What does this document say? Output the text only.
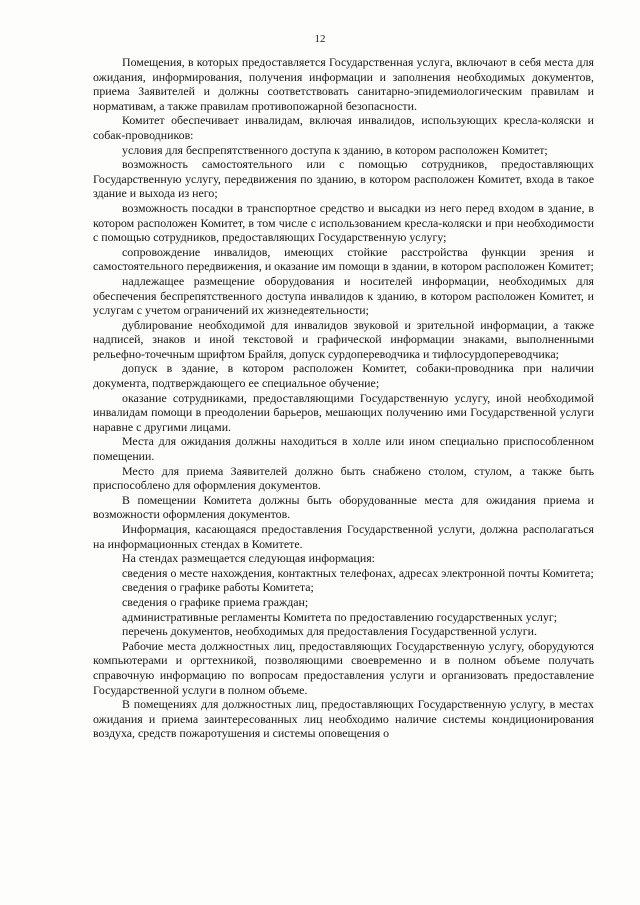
12

Помещения, в которых предоставляется Государственная услуга, включают в себя места для ожидания, информирования, получения информации и заполнения необходимых документов, приема Заявителей и должны соответствовать санитарно-эпидемиологическим правилам и нормативам, а также правилам противопожарной безопасности.

Комитет обеспечивает инвалидам, включая инвалидов, использующих кресла-коляски и собак-проводников:

условия для беспрепятственного доступа к зданию, в котором расположен Комитет;

возможность самостоятельного или с помощью сотрудников, предоставляющих Государственную услугу, передвижения по зданию, в котором расположен Комитет, входа в такое здание и выхода из него;

возможность посадки в транспортное средство и высадки из него перед входом в здание, в котором расположен Комитет, в том числе с использованием кресла-коляски и при необходимости с помощью сотрудников, предоставляющих Государственную услугу;

сопровождение инвалидов, имеющих стойкие расстройства функции зрения и самостоятельного передвижения, и оказание им помощи в здании, в котором расположен Комитет;

надлежащее размещение оборудования и носителей информации, необходимых для обеспечения беспрепятственного доступа инвалидов к зданию, в котором расположен Комитет, и услугам с учетом ограничений их жизнедеятельности;

дублирование необходимой для инвалидов звуковой и зрительной информации, а также надписей, знаков и иной текстовой и графической информации знаками, выполненными рельефно-точечным шрифтом Брайля, допуск сурдопереводчика и тифлосурдопереводчика;

допуск в здание, в котором расположен Комитет, собаки-проводника при наличии документа, подтверждающего ее специальное обучение;

оказание сотрудниками, предоставляющими Государственную услугу, иной необходимой инвалидам помощи в преодолении барьеров, мешающих получению ими Государственной услуги наравне с другими лицами.

Места для ожидания должны находиться в холле или ином специально приспособленном помещении.

Место для приема Заявителей должно быть снабжено столом, стулом, а также быть приспособлено для оформления документов.

В помещении Комитета должны быть оборудованные места для ожидания приема и возможности оформления документов.

Информация, касающаяся предоставления Государственной услуги, должна располагаться на информационных стендах в Комитете.

На стендах размещается следующая информация:

сведения о месте нахождения, контактных телефонах, адресах электронной почты Комитета;

сведения о графике работы Комитета;

сведения о графике приема граждан;

административные регламенты Комитета по предоставлению государственных услуг;

перечень документов, необходимых для предоставления Государственной услуги.

Рабочие места должностных лиц, предоставляющих Государственную услугу, оборудуются компьютерами и оргтехникой, позволяющими своевременно и в полном объеме получать справочную информацию по вопросам предоставления услуги и организовать предоставление Государственной услуги в полном объеме.

В помещениях для должностных лиц, предоставляющих Государственную услугу, в местах ожидания и приема заинтересованных лиц необходимо наличие системы кондиционирования воздуха, средств пожаротушения и системы оповещения о
